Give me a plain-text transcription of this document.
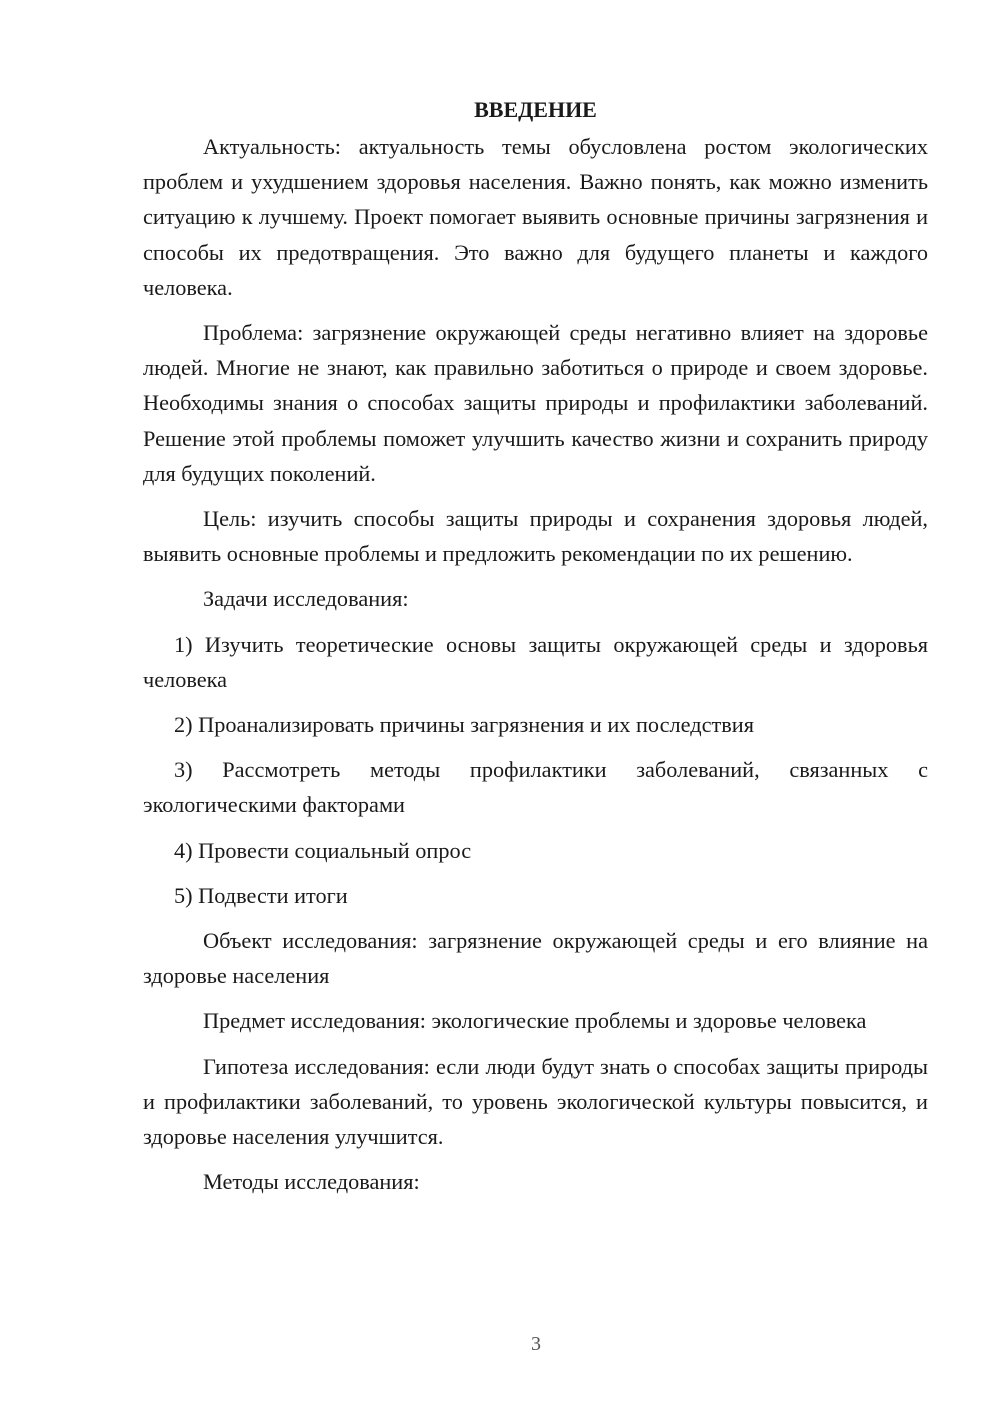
ВВЕДЕНИЕ

Актуальность: актуальность темы обусловлена ростом экологических проблем и ухудшением здоровья населения. Важно понять, как можно изменить ситуацию к лучшему. Проект помогает выявить основные причины загрязнения и способы их предотвращения. Это важно для будущего планеты и каждого человека.

Проблема: загрязнение окружающей среды негативно влияет на здоровье людей. Многие не знают, как правильно заботиться о природе и своем здоровье. Необходимы знания о способах защиты природы и профилактики заболеваний. Решение этой проблемы поможет улучшить качество жизни и сохранить природу для будущих поколений.

Цель: изучить способы защиты природы и сохранения здоровья людей, выявить основные проблемы и предложить рекомендации по их решению.

Задачи исследования:

1) Изучить теоретические основы защиты окружающей среды и здоровья человека

2) Проанализировать причины загрязнения и их последствия

3) Рассмотреть методы профилактики заболеваний, связанных с экологическими факторами

4) Провести социальный опрос

5) Подвести итоги

Объект исследования: загрязнение окружающей среды и его влияние на здоровье населения

Предмет исследования: экологические проблемы и здоровье человека

Гипотеза исследования: если люди будут знать о способах защиты природы и профилактики заболеваний, то уровень экологической культуры повысится, и здоровье населения улучшится.

Методы исследования:

3
